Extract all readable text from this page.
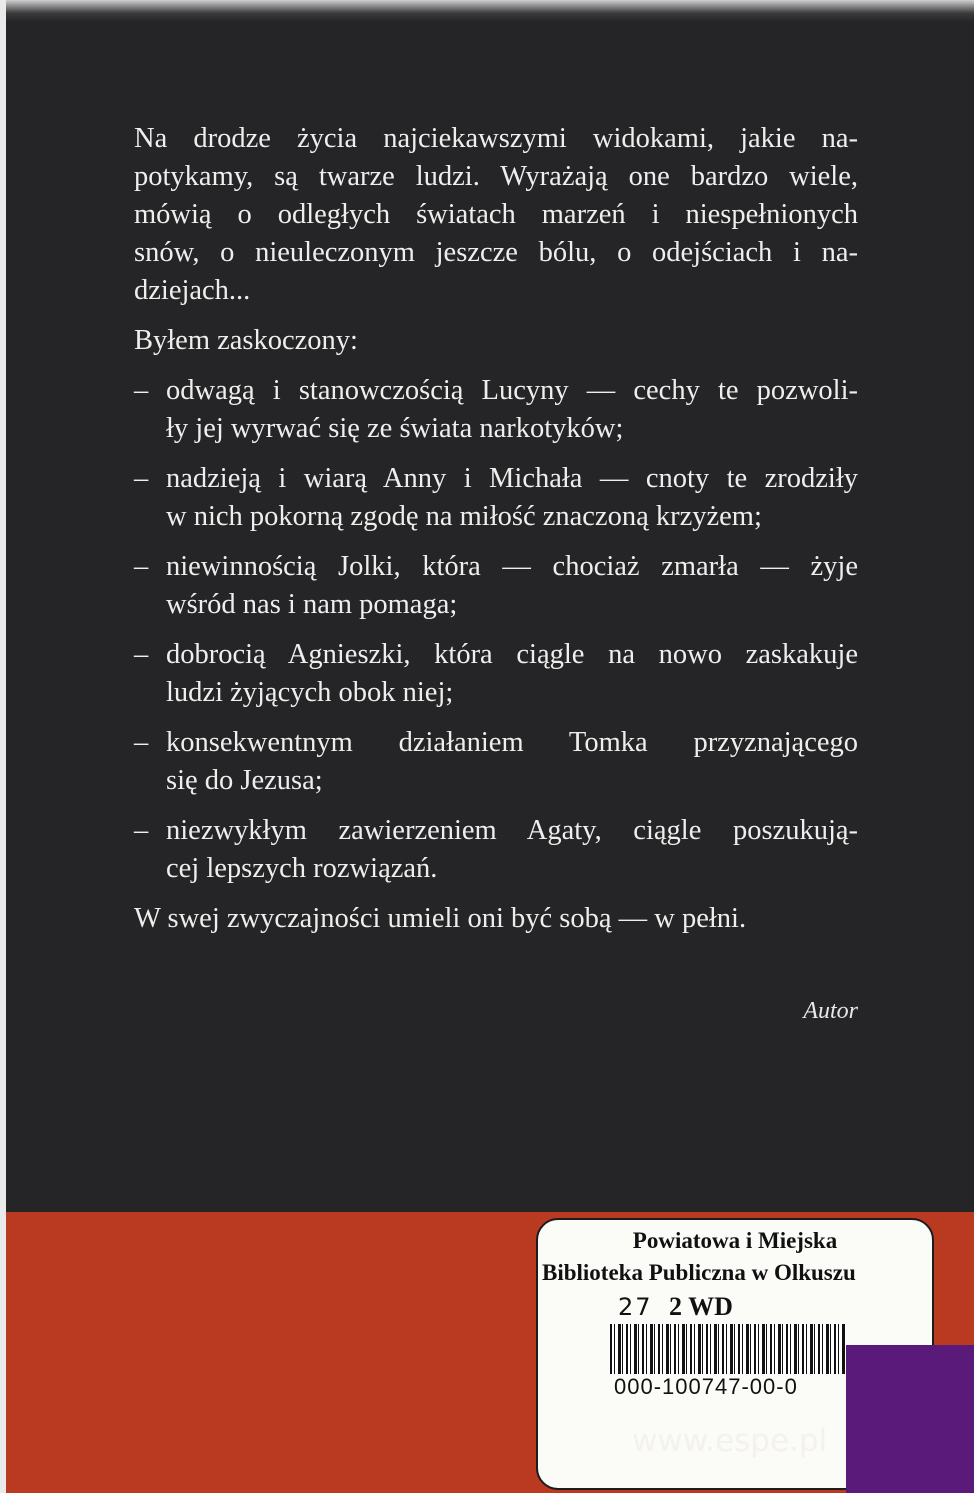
Na drodze życia najciekawszymi widokami, jakie na-
potykamy, są twarze ludzi. Wyrażają one bardzo wiele,
mówią o odległych światach marzeń i niespełnionych
snów, o nieuleczonym jeszcze bólu, o odejściach i na-
dziejach...

Byłem zaskoczony:

– odwagą i stanowczością Lucyny — cechy te pozwoli-
ły jej wyrwać się ze świata narkotyków;
– nadzieją i wiarą Anny i Michała — cnoty te zrodziły
w nich pokorną zgodę na miłość znaczoną krzyżem;
– niewinnością Jolki, która — chociaż zmarła — żyje
wśród nas i nam pomaga;
– dobrocią Agnieszki, która ciągle na nowo zaskakuje
ludzi żyjących obok niej;
– konsekwentnym działaniem Tomka przyznającego
się do Jezusa;
– niezwykłym zawierzeniem Agaty, ciągle poszukują-
cej lepszych rozwiązań.

W swej zwyczajności umieli oni być sobą — w pełni.

Autor
Powiatowa i Miejska
Biblioteka Publiczna w Olkuszu
27 2 WD
000-100747-00-0
www.espe.pl
